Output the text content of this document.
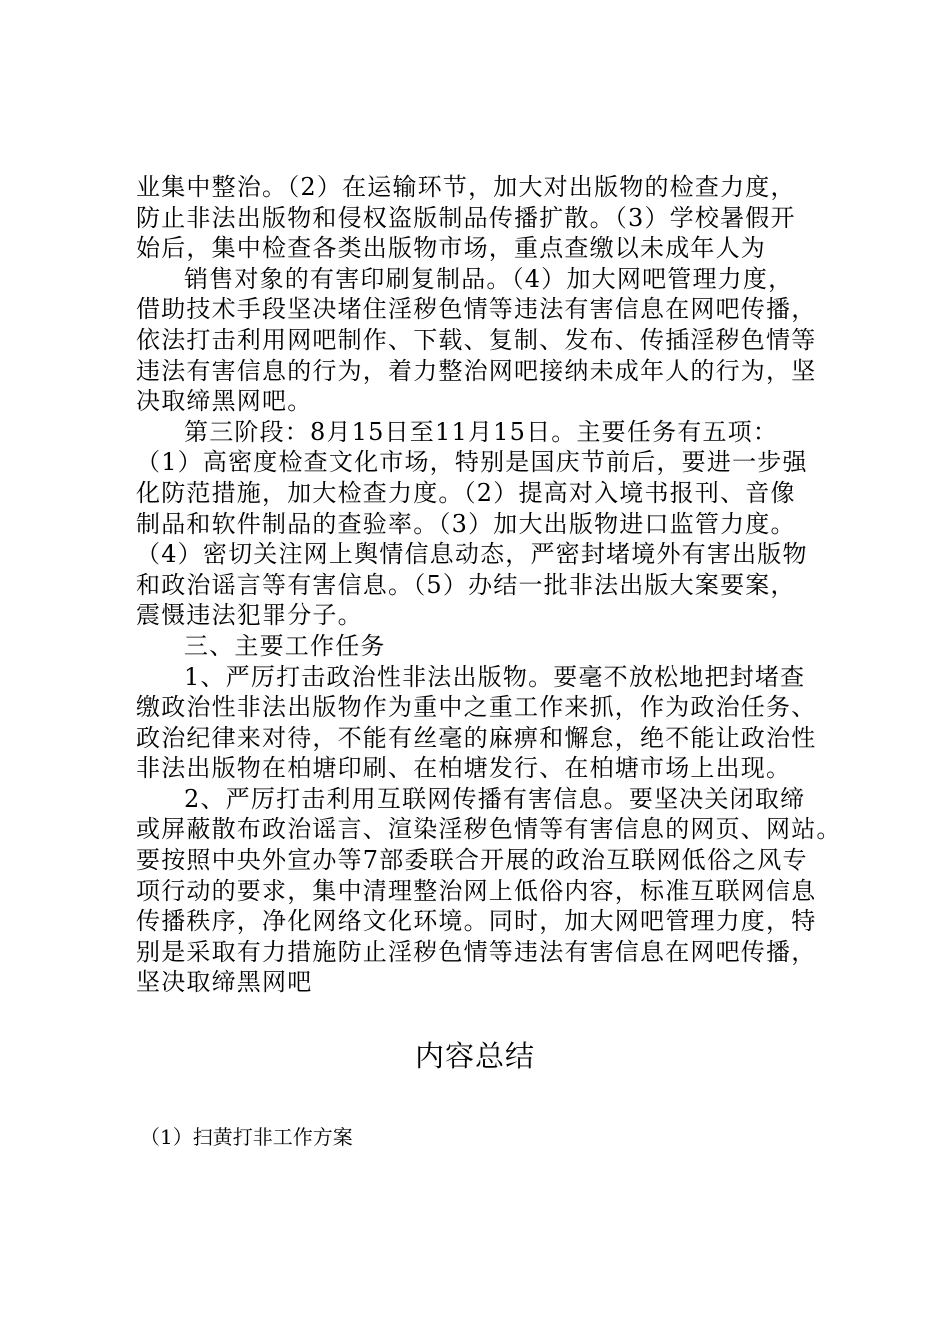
业集中整治。（2）在运输环节，加大对出版物的检查力度，
防止非法出版物和侵权盗版制品传播扩散。（3）学校暑假开
始后，集中检查各类出版物市场，重点查缴以未成年人为
销售对象的有害印刷复制品。（4）加大网吧管理力度，
借助技术手段坚决堵住淫秽色情等违法有害信息在网吧传播，
依法打击利用网吧制作、下载、复制、发布、传插淫秽色情等
违法有害信息的行为，着力整治网吧接纳未成年人的行为，坚
决取缔黑网吧。
第三阶段：8月15日至11月15日。主要任务有五项：
（1）高密度检查文化市场，特别是国庆节前后，要进一步强
化防范措施，加大检查力度。（2）提高对入境书报刊、音像
制品和软件制品的查验率。（3）加大出版物进口监管力度。
（4）密切关注网上舆情信息动态，严密封堵境外有害出版物
和政治谣言等有害信息。（5）办结一批非法出版大案要案，
震慑违法犯罪分子。
三、主要工作任务
1、严厉打击政治性非法出版物。要毫不放松地把封堵查
缴政治性非法出版物作为重中之重工作来抓，作为政治任务、
政治纪律来对待，不能有丝毫的麻痹和懈怠，绝不能让政治性
非法出版物在柏塘印刷、在柏塘发行、在柏塘市场上出现。
2、严厉打击利用互联网传播有害信息。要坚决关闭取缔
或屏蔽散布政治谣言、渲染淫秽色情等有害信息的网页、网站。
要按照中央外宣办等7部委联合开展的政治互联网低俗之风专
项行动的要求，集中清理整治网上低俗内容，标准互联网信息
传播秩序，净化网络文化环境。同时，加大网吧管理力度，特
别是采取有力措施防止淫秽色情等违法有害信息在网吧传播，
坚决取缔黑网吧
内容总结
（1）扫黄打非工作方案
